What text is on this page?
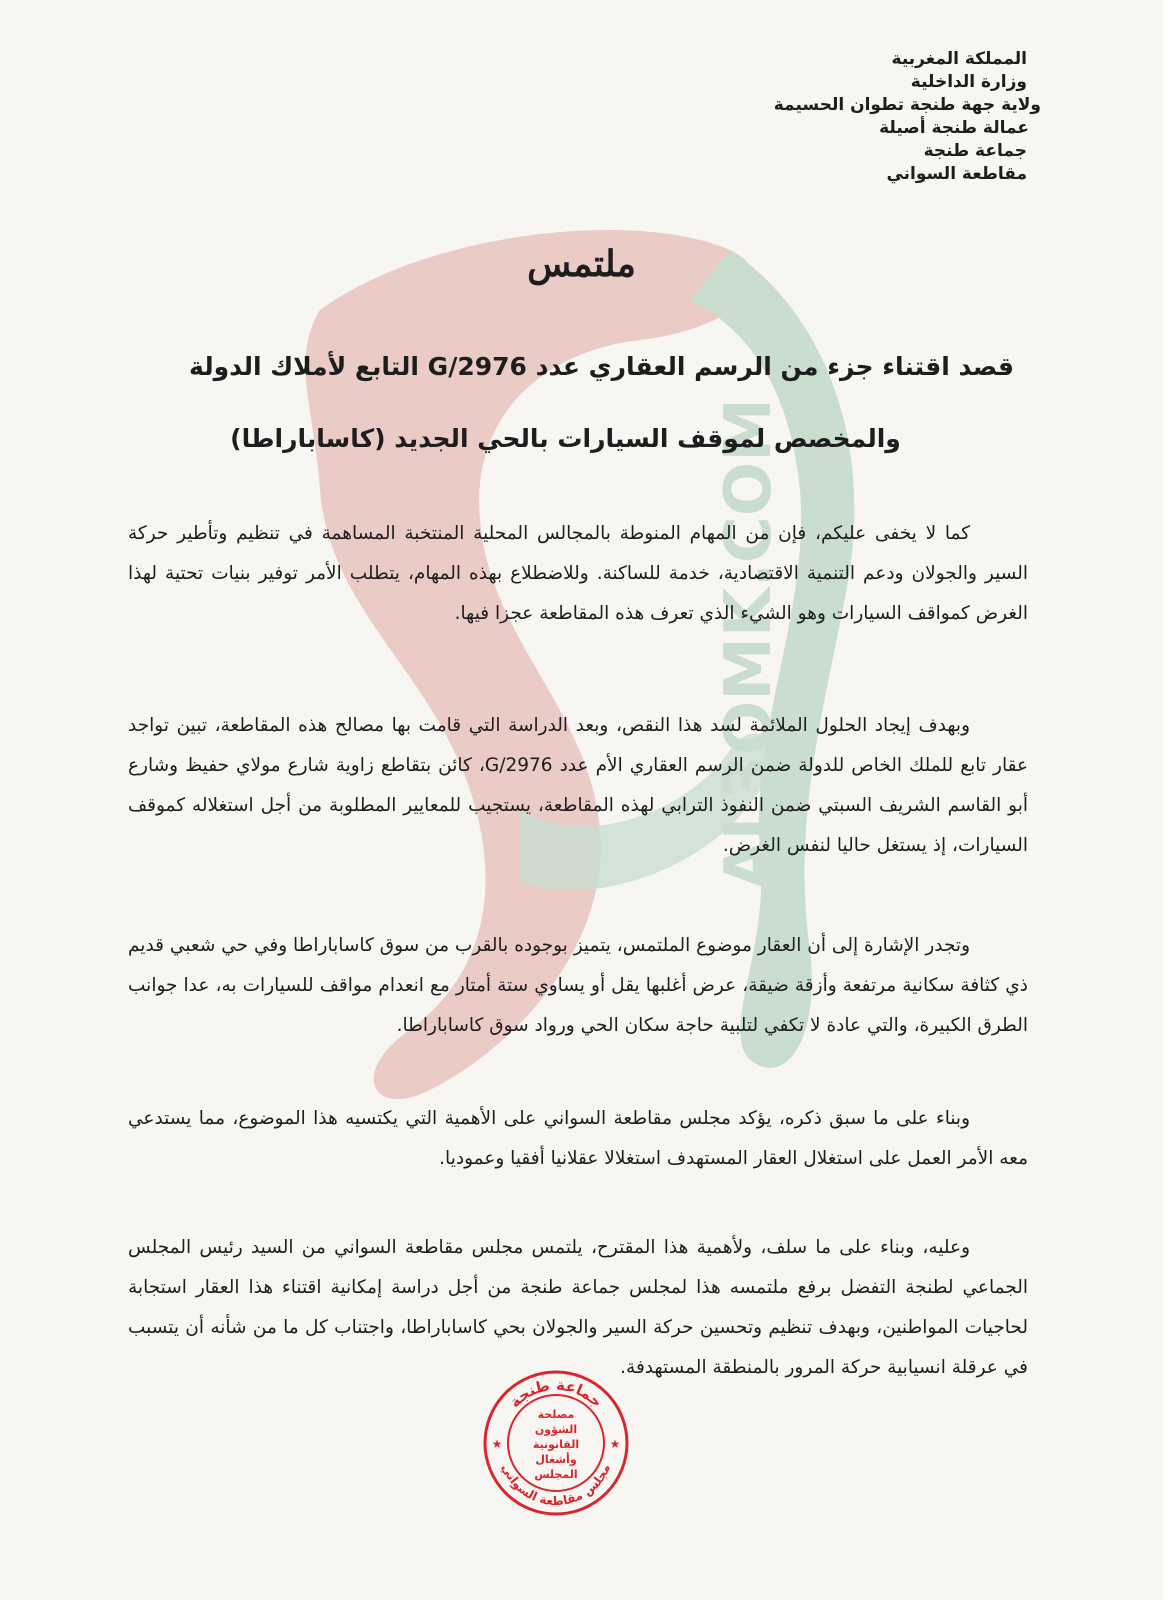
AL3OMK.COM
المملكة المغربية
وزارة الداخلية
ولاية جهة طنجة تطوان الحسيمة
عمالة طنجة أصيلة
جماعة طنجة
مقاطعة السواني
ملتمس
قصد اقتناء جزء من الرسم العقاري عدد 2976/G التابع لأملاك الدولة
والمخصص لموقف السيارات بالحي الجديد (كاساباراطا)

كما لا يخفى عليكم، فإن من المهام المنوطة بالمجالس المحلية المنتخبة المساهمة في تنظيم وتأطير حركة السير والجولان ودعم التنمية الاقتصادية، خدمة للساكنة. وللاضطلاع بهذه المهام، يتطلب الأمر توفير بنيات تحتية لهذا الغرض كمواقف السيارات وهو الشيء الذي تعرف هذه المقاطعة عجزا فيها.

وبهدف إيجاد الحلول الملائمة لسد هذا النقص، وبعد الدراسة التي قامت بها مصالح هذه المقاطعة، تبين تواجد عقار تابع للملك الخاص للدولة ضمن الرسم العقاري الأم عدد 2976/G، كائن بتقاطع زاوية شارع مولاي حفيظ وشارع أبو القاسم الشريف السبتي ضمن النفوذ الترابي لهذه المقاطعة، يستجيب للمعايير المطلوبة من أجل استغلاله كموقف السيارات، إذ يستغل حاليا لنفس الغرض.

وتجدر الإشارة إلى أن العقار موضوع الملتمس، يتميز بوجوده بالقرب من سوق كاساباراطا وفي حي شعبي قديم ذي كثافة سكانية مرتفعة وأزقة ضيقة، عرض أغلبها يقل أو يساوي ستة أمتار مع انعدام مواقف للسيارات به، عدا جوانب الطرق الكبيرة، والتي عادة لا تكفي لتلبية حاجة سكان الحي ورواد سوق كاساباراطا.

وبناء على ما سبق ذكره، يؤكد مجلس مقاطعة السواني على الأهمية التي يكتسيه هذا الموضوع، مما يستدعي معه الأمر العمل على استغلال العقار المستهدف استغلالا عقلانيا أفقيا وعموديا.

وعليه، وبناء على ما سلف، ولأهمية هذا المقترح، يلتمس مجلس مقاطعة السواني من السيد رئيس المجلس الجماعي لطنجة التفضل برفع ملتمسه هذا لمجلس جماعة طنجة من أجل دراسة إمكانية اقتناء هذا العقار استجابة لحاجيات المواطنين، وبهدف تنظيم وتحسين حركة السير والجولان بحي كاساباراطا، واجتناب كل ما من شأنه أن يتسبب في عرقلة انسيابية حركة المرور بالمنطقة المستهدفة.

جماعة طنجة
مجلس مقاطعة السواني
مصلحة
الشؤون
القانونية
وأشغال
المجلس
★	★
